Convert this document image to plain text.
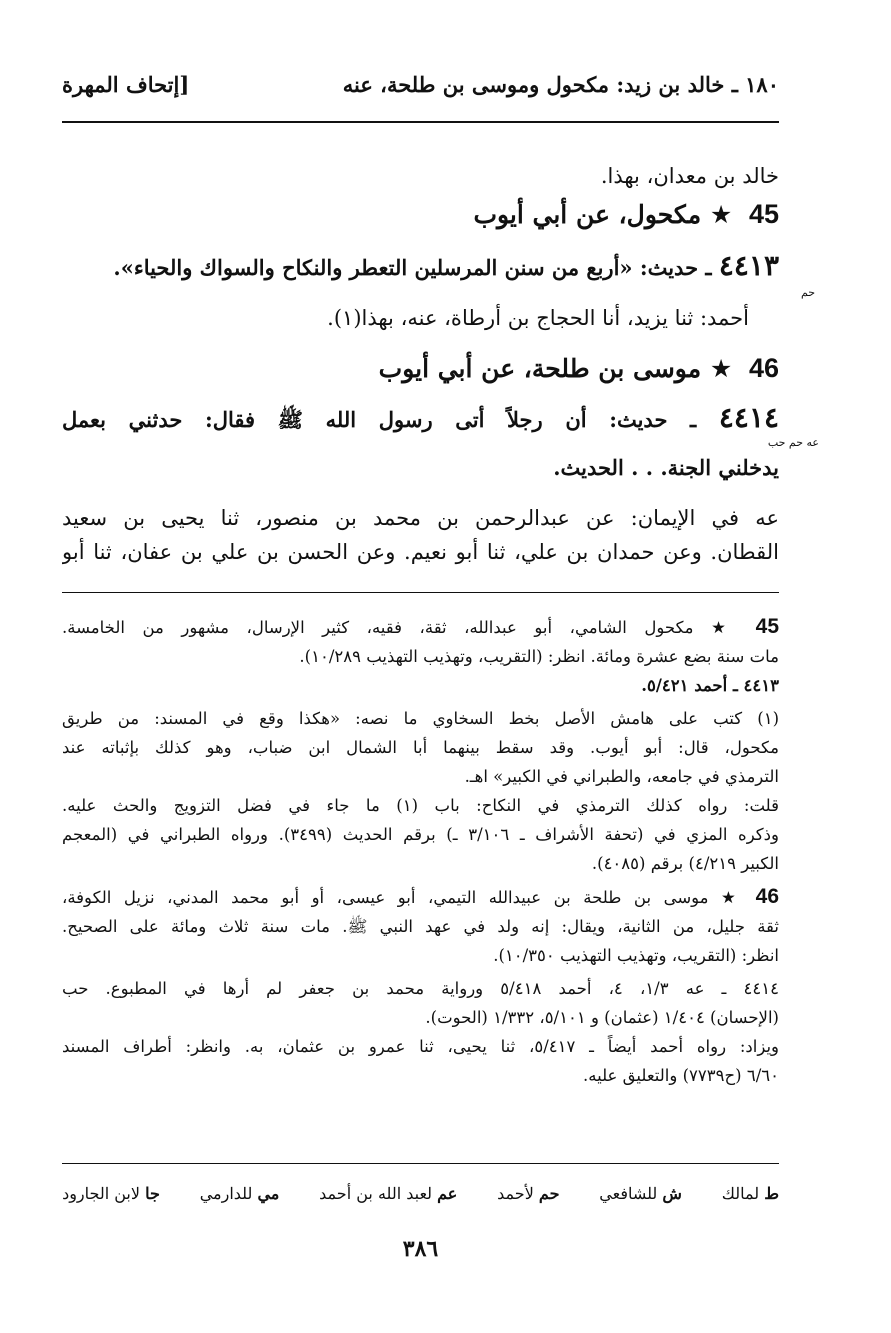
١٨٠ ـ خالد بن زيد: مكحول وموسى بن طلحة، عنه
[إتحاف المهرة
خالد بن معدان، بهذا.
45 ★ مكحول، عن أبي أيوب
٤٤١٣ ـ حديث: «أربع من سنن المرسلين التعطر والنكاح والسواك والحياء».
حم
أحمد: ثنا يزيد، أنا الحجاج بن أرطاة، عنه، بهذا(١).
46 ★ موسى بن طلحة، عن أبي أيوب
٤٤١٤ ـ حديث: أن رجلاً أتى رسول الله ﷺ فقال: حدثني بعمل
عه حم حب
يدخلني الجنة. . . الحديث.
عه في الإيمان: عن عبدالرحمن بن محمد بن منصور، ثنا يحيى بن سعيد
القطان. وعن حمدان بن علي، ثنا أبو نعيم. وعن الحسن بن علي بن عفان، ثنا أبو
45 ★ مكحول الشامي، أبو عبدالله، ثقة، فقيه، كثير الإرسال، مشهور من الخامسة.
مات سنة بضع عشرة ومائة. انظر: (التقريب، وتهذيب التهذيب ١٠/٢٨٩).
٤٤١٣ ـ أحمد ٥/٤٢١.
(١) كتب على هامش الأصل بخط السخاوي ما نصه: «هكذا وقع في المسند: من طريق
مكحول، قال: أبو أيوب. وقد سقط بينهما أبا الشمال ابن ضباب، وهو كذلك بإثباته عند
الترمذي في جامعه، والطبراني في الكبير» اهـ.
قلت: رواه كذلك الترمذي في النكاح: باب (١) ما جاء في فضل التزويج والحث عليه.
وذكره المزي في (تحفة الأشراف ـ ٣/١٠٦ ـ) برقم الحديث (٣٤٩٩). ورواه الطبراني في (المعجم
الكبير ٤/٢١٩) برقم (٤٠٨٥).
46 ★ موسى بن طلحة بن عبيدالله التيمي، أبو عيسى، أو أبو محمد المدني، نزيل الكوفة،
ثقة جليل، من الثانية، ويقال: إنه ولد في عهد النبي ﷺ. مات سنة ثلاث ومائة على الصحيح.
انظر: (التقريب، وتهذيب التهذيب ١٠/٣٥٠).
٤٤١٤ ـ عه ١/٣، ٤، أحمد ٥/٤١٨ ورواية محمد بن جعفر لم أرها في المطبوع. حب
(الإحسان) ١/٤٠٤ (عثمان) و ٥/١٠١، ١/٣٣٢ (الحوت).
ويزاد: رواه أحمد أيضاً ـ ٥/٤١٧، ثنا يحيى، ثنا عمرو بن عثمان، به. وانظر: أطراف المسند
٦/٦٠ (ح٧٧٣٩) والتعليق عليه.
ط لمالك
ش للشافعي
حم لأحمد
عم لعبد الله بن أحمد
مي للدارمي
جا لابن الجارود
٣٨٦
